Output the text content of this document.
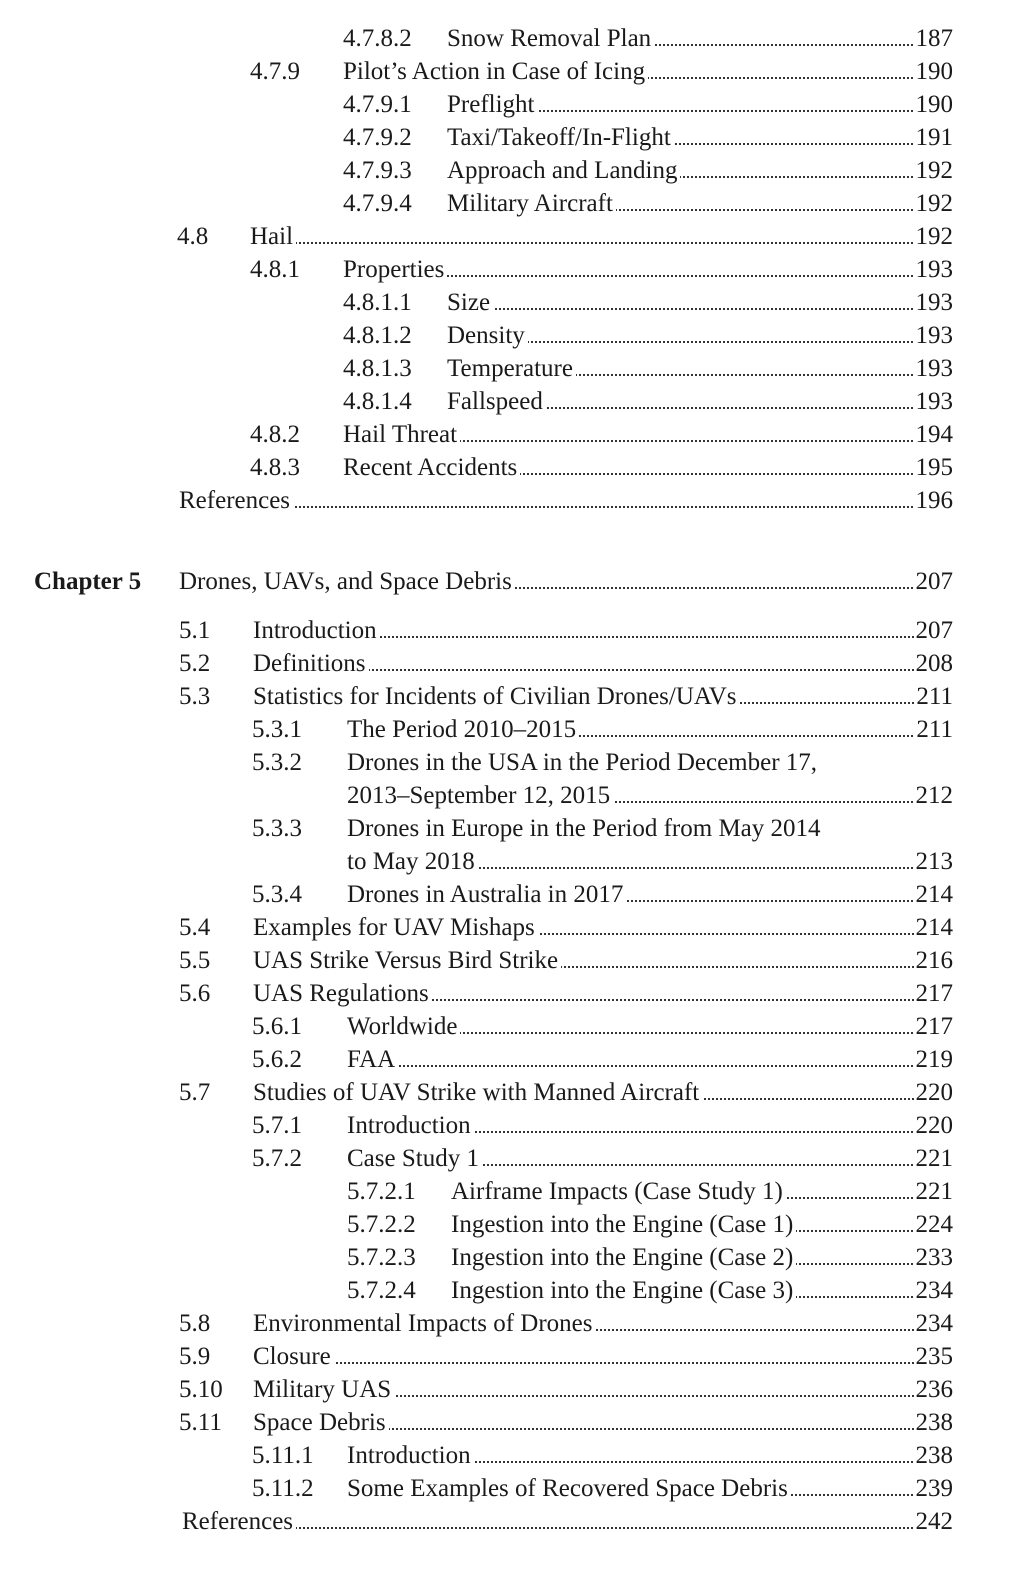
4.7.8.2 Snow Removal Plan	187
4.7.9 Pilot’s Action in Case of Icing	190
4.7.9.1 Preflight	190
4.7.9.2 Taxi/Takeoff/In-Flight	191
4.7.9.3 Approach and Landing	192
4.7.9.4 Military Aircraft	192
4.8 Hail	192
4.8.1 Properties	193
4.8.1.1 Size	193
4.8.1.2 Density	193
4.8.1.3 Temperature	193
4.8.1.4 Fallspeed	193
4.8.2 Hail Threat	194
4.8.3 Recent Accidents	195
References	196
Chapter 5 Drones, UAVs, and Space Debris	207
5.1 Introduction	207
5.2 Definitions	208
5.3 Statistics for Incidents of Civilian Drones/UAVs	211
5.3.1 The Period 2010–2015	211
5.3.2 Drones in the USA in the Period December 17,
2013–September 12, 2015	212
5.3.3 Drones in Europe in the Period from May 2014
to May 2018	213
5.3.4 Drones in Australia in 2017	214
5.4 Examples for UAV Mishaps	214
5.5 UAS Strike Versus Bird Strike	216
5.6 UAS Regulations	217
5.6.1 Worldwide	217
5.6.2 FAA	219
5.7 Studies of UAV Strike with Manned Aircraft	220
5.7.1 Introduction	220
5.7.2 Case Study 1	221
5.7.2.1 Airframe Impacts (Case Study 1)	221
5.7.2.2 Ingestion into the Engine (Case 1)	224
5.7.2.3 Ingestion into the Engine (Case 2)	233
5.7.2.4 Ingestion into the Engine (Case 3)	234
5.8 Environmental Impacts of Drones	234
5.9 Closure	235
5.10 Military UAS	236
5.11 Space Debris	238
5.11.1 Introduction	238
5.11.2 Some Examples of Recovered Space Debris	239
References	242
